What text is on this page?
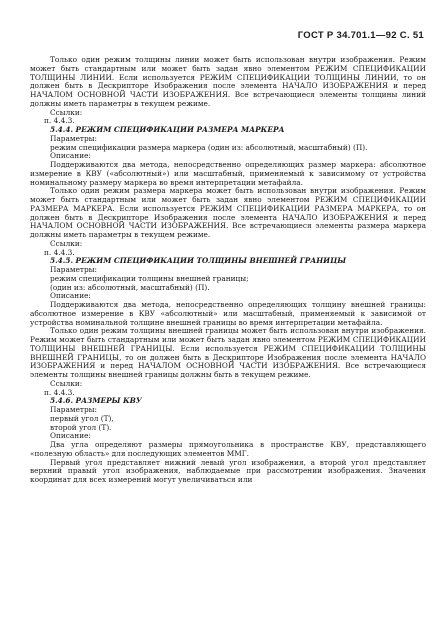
ГОСТ Р 34.701.1—92 С. 51

Только один режим толщины линии может быть использован внутри изображения. Режим может быть стандартным или может быть задан явно элементом РЕЖИМ СПЕЦИФИКАЦИИ ТОЛЩИНЫ ЛИНИИ. Если используется РЕЖИМ СПЕЦИФИКАЦИИ ТОЛЩИНЫ ЛИНИИ, то он должен быть в Дескрипторе Изображения после элемента НАЧАЛО ИЗОБРАЖЕНИЯ и перед НАЧАЛОМ ОСНОВНОЙ ЧАСТИ ИЗОБРАЖЕНИЯ. Все встречающиеся элементы толщины линий должны иметь параметры в текущем режиме.

Ссылки:

п. 4.4.3.

5.4.4. РЕЖИМ СПЕЦИФИКАЦИИ РАЗМЕРА МАРКЕРА

Параметры:

режим спецификации размера маркера (один из: абсолютный, масштабный) (П).

Описание:

Поддерживаются два метода, непосредственно определяющих размер маркера: абсолютное измерение в КВУ («абсолютный») или масштабный, применяемый к зависимому от устройства номинальному размеру маркера во время интерпретации метафайла.

Только один режим размера маркера может быть использован внутри изображения. Режим может быть стандартным или может быть задан явно элементом РЕЖИМ СПЕЦИФИКАЦИИ РАЗМЕРА МАРКЕРА. Если используется РЕЖИМ СПЕЦИФИКАЦИИ РАЗМЕРА МАРКЕРА, то он должен быть в Дескрипторе Изображения после элемента НАЧАЛО ИЗОБРАЖЕНИЯ и перед НАЧАЛОМ ОСНОВНОЙ ЧАСТИ ИЗОБРАЖЕНИЯ. Все встречающиеся элементы размера маркера должны иметь параметры в текущем режиме.

Ссылки:

п. 4.4.3.

5.4.5. РЕЖИМ СПЕЦИФИКАЦИИ ТОЛЩИНЫ ВНЕШНЕЙ ГРАНИЦЫ

Параметры:

режим спецификации толщины внешней границы;

(один из: абсолютный, масштабный) (П).

Описание:

Поддерживаются два метода, непосредственно определяющих толщину внешней границы: абсолютное измерение в КВУ «абсолютный» или масштабный, применяемый к зависимой от устройства номинальной толщине внешней границы во время интерпретации метафайла.

Только один режим толщины внешней границы может быть использован внутри изображения. Режим может быть стандартным или может быть задан явно элементом РЕЖИМ СПЕЦИФИКАЦИИ ТОЛЩИНЫ ВНЕШНЕЙ ГРАНИЦЫ. Если используется РЕЖИМ СПЕЦИФИКАЦИИ ТОЛЩИНЫ ВНЕШНЕЙ ГРАНИЦЫ, то он должен быть в Дескрипторе Изображения после элемента НАЧАЛО ИЗОБРАЖЕНИЯ и перед НАЧАЛОМ ОСНОВНОЙ ЧАСТИ ИЗОБРАЖЕНИЯ. Все встречающиеся элементы толщины внешней границы должны быть в текущем режиме.

Ссылки:

п. 4.4.3.

5.4.6. РАЗМЕРЫ КВУ

Параметры:

первый угол (Т),

второй угол (Т).

Описание:

Два угла определяют размеры прямоугольника в пространстве КВУ, представляющего «полезную область» для последующих элементов ММГ.

Первый угол представляет нижний левый угол изображения, а второй угол представляет верхний правый угол изображения, наблюдаемые при рассмотрении изображения. Значения координат для всех измерений могут увеличиваться или
